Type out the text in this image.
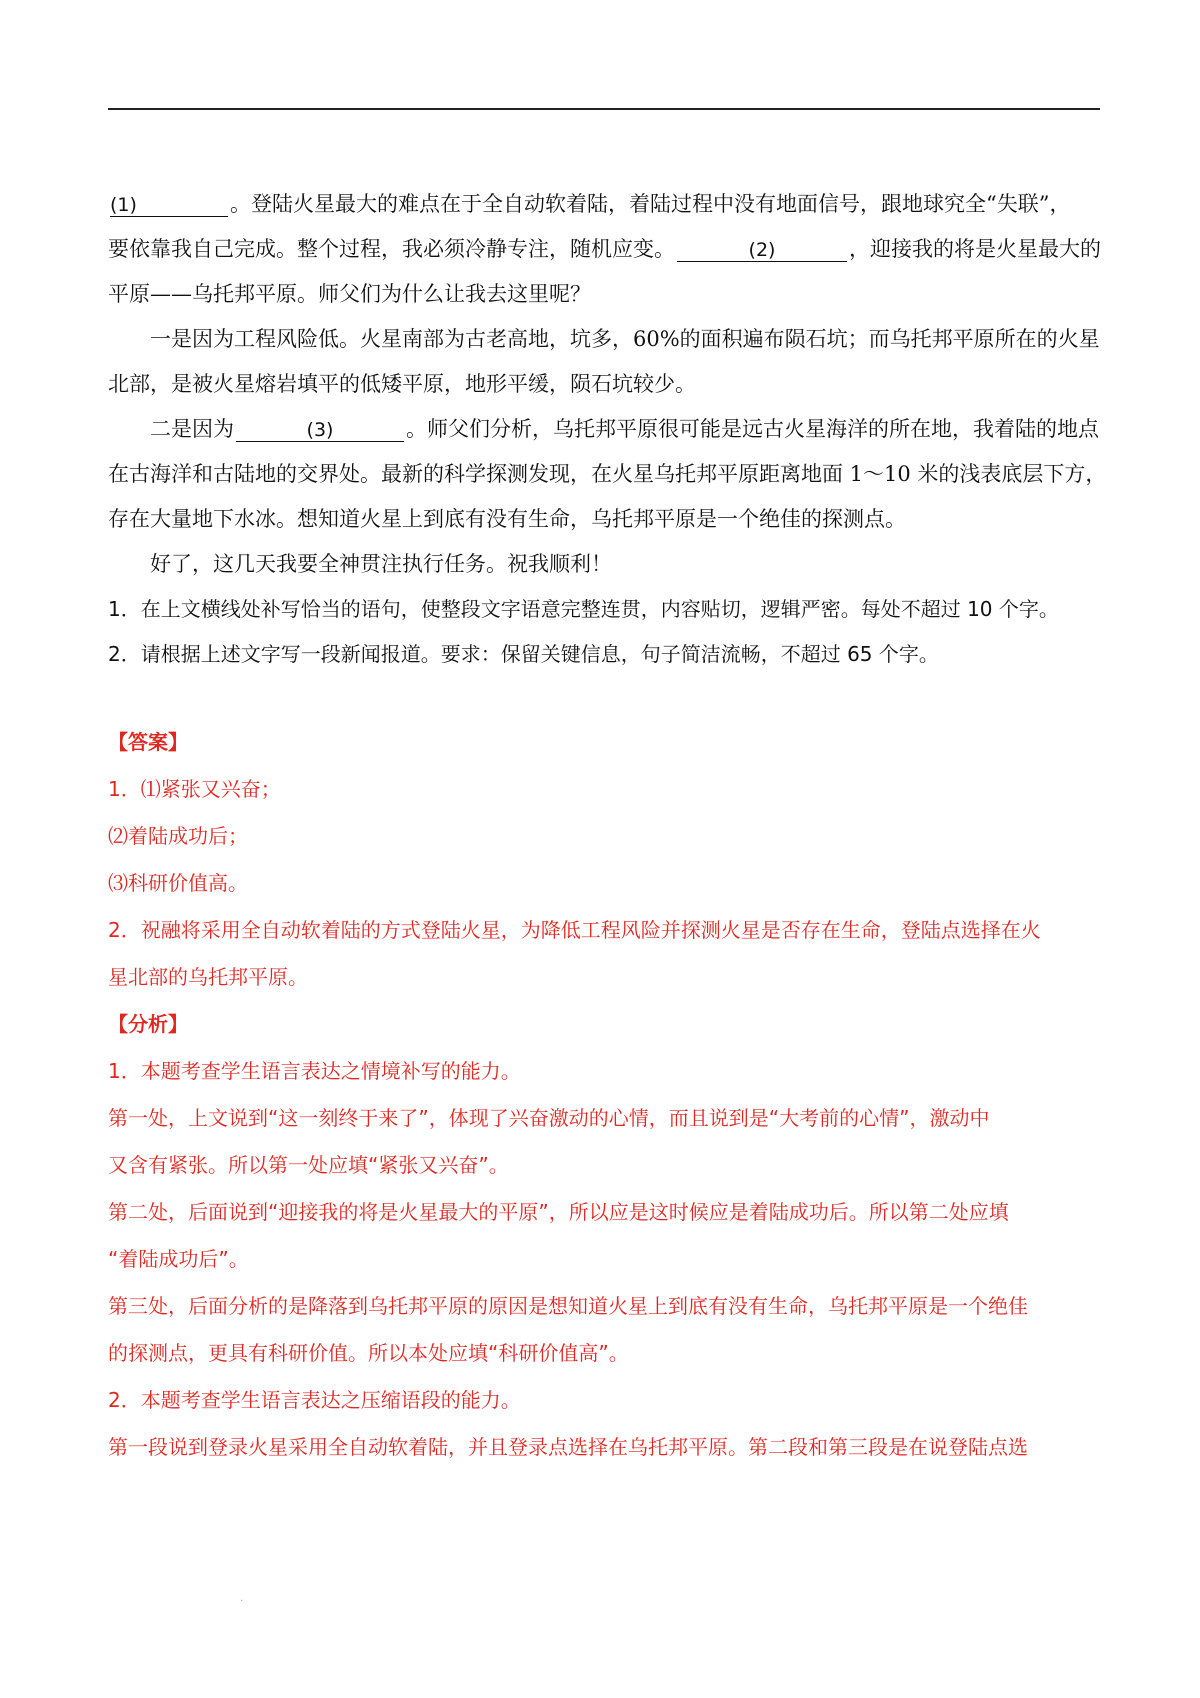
(1)	。登陆火星最大的难点在于全自动软着陆，着陆过程中没有地面信号，跟地球究全“失联”，
要依靠我自己完成。整个过程，我必须冷静专注，随机应变。	(2)	，迎接我的将是火星最大的
平原——乌托邦平原。师父们为什么让我去这里呢？
一是因为工程风险低。火星南部为古老高地，坑多，60%的面积遍布陨石坑；而乌托邦平原所在的火星
北部，是被火星熔岩填平的低矮平原，地形平缓，陨石坑较少。
二是因为	(3)	。师父们分析，乌托邦平原很可能是远古火星海洋的所在地，我着陆的地点
在古海洋和古陆地的交界处。最新的科学探测发现，在火星乌托邦平原距离地面 1～10 米的浅表底层下方，
存在大量地下水冰。想知道火星上到底有没有生命，乌托邦平原是一个绝佳的探测点。
好了，这几天我要全神贯注执行任务。祝我顺利！
1．在上文横线处补写恰当的语句，使整段文字语意完整连贯，内容贴切，逻辑严密。每处不超过 10 个字。
2．请根据上述文字写一段新闻报道。要求：保留关键信息，句子简洁流畅，不超过 65 个字。
【答案】
1．⑴紧张又兴奋；
⑵着陆成功后；
⑶科研价值高。
2．祝融将采用全自动软着陆的方式登陆火星，为降低工程风险并探测火星是否存在生命，登陆点选择在火
星北部的乌托邦平原。
【分析】
1．本题考查学生语言表达之情境补写的能力。
第一处，上文说到“这一刻终于来了”，体现了兴奋激动的心情，而且说到是“大考前的心情”，激动中
又含有紧张。所以第一处应填“紧张又兴奋”。
第二处，后面说到“迎接我的将是火星最大的平原”，所以应是这时候应是着陆成功后。所以第二处应填
“着陆成功后”。
第三处，后面分析的是降落到乌托邦平原的原因是想知道火星上到底有没有生命，乌托邦平原是一个绝佳
的探测点，更具有科研价值。所以本处应填“科研价值高”。
2．本题考查学生语言表达之压缩语段的能力。
第一段说到登录火星采用全自动软着陆，并且登录点选择在乌托邦平原。第二段和第三段是在说登陆点选
·
